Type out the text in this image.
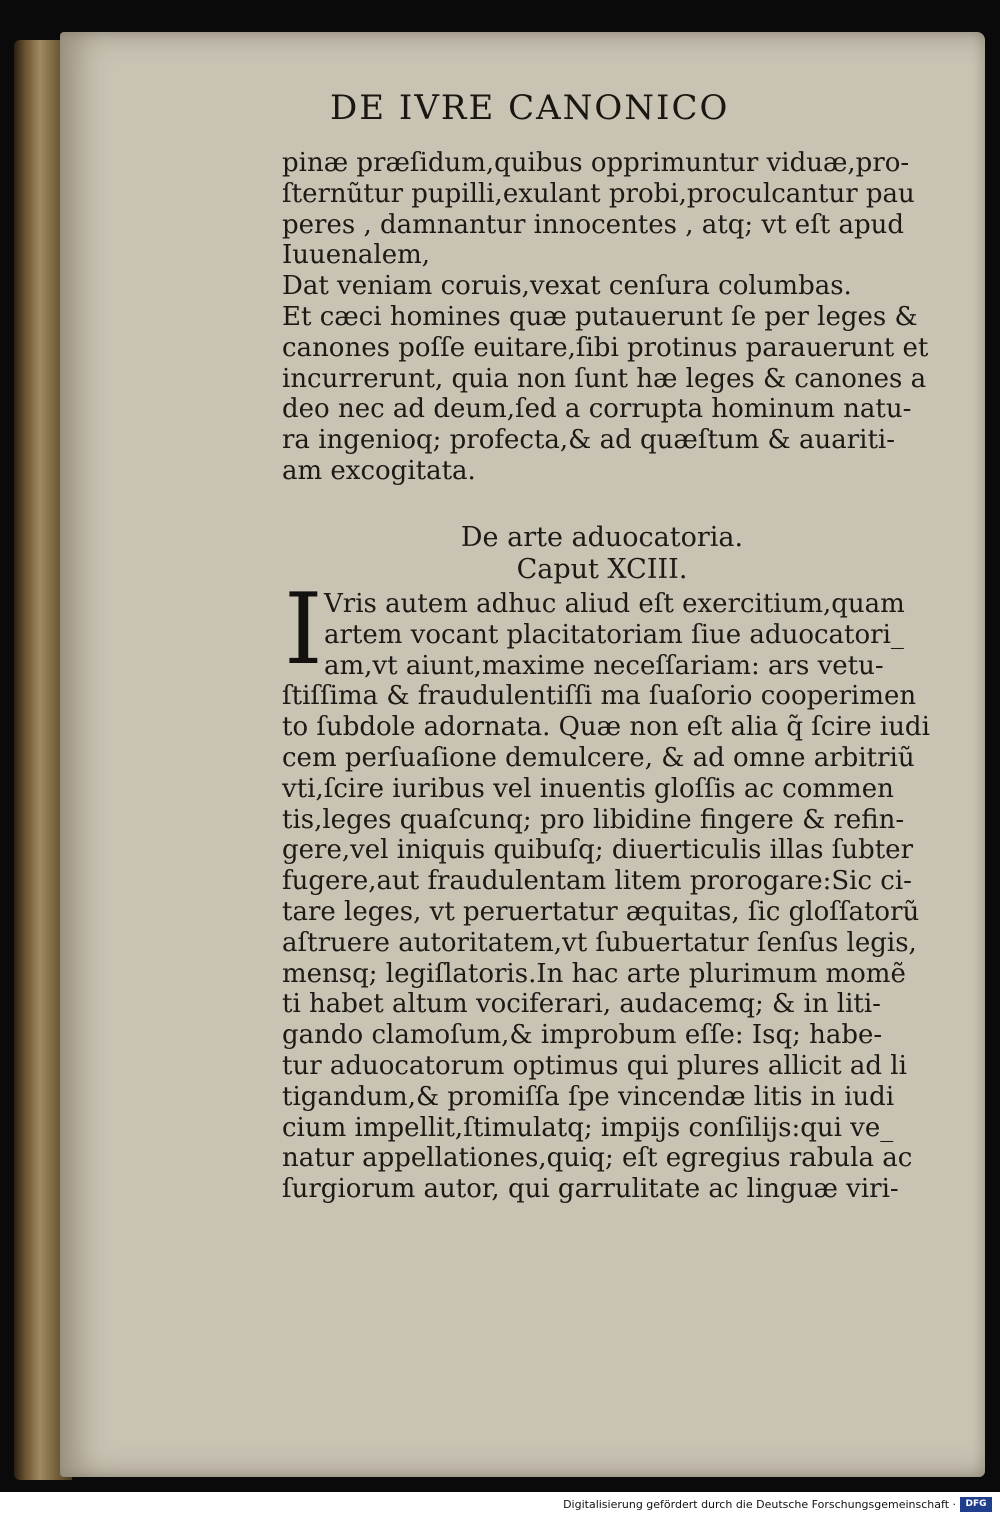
DE IVRE CANONICO
pinæ præſidum,quibus opprimuntur viduæ,pro-
ſternũtur pupilli,exulant probi,proculcantur pau
peres , damnantur innocentes , atq; vt eſt apud
Iuuenalem,
Dat veniam coruis,vexat cenſura columbas.
Et cæci homines quæ putauerunt ſe per leges &
canones poſſe euitare,ſibi protinus parauerunt et
incurrerunt, quia non ſunt hæ leges & canones a
deo nec ad deum,ſed a corrupta hominum natu-
ra ingenioq; profecta,& ad quæſtum & auariti-
am excogitata.
De arte aduocatoria.
Caput XCIII.
I Vris autem adhuc aliud eſt exercitium,quam
artem vocant placitatoriam ſiue aduocatori_
am,vt aiunt,maxime neceſſariam: ars vetu-
ſtiſſima & fraudulentiſſi ma ſuaſorio cooperimen
to ſubdole adornata. Quæ non eſt alia q̃ ſcire iudi
cem perſuaſione demulcere, & ad omne arbitriũ
vti,ſcire iuribus vel inuentis gloſſis ac commen
tis,leges quaſcunq; pro libidine fingere & refin-
gere,vel iniquis quibuſq; diuerticulis illas ſubter
fugere,aut fraudulentam litem prorogare:Sic ci-
tare leges, vt peruertatur æquitas, ſic gloſſatorũ
aſtruere autoritatem,vt ſubuertatur ſenſus legis,
mensq; legiſlatoris.In hac arte plurimum momẽ
ti habet altum vociferari, audacemq; & in liti-
gando clamoſum,& improbum eſſe: Isq; habe-
tur aduocatorum optimus qui plures allicit ad li
tigandum,& promiſſa ſpe vincendæ litis in iudi
cium impellit,ſtimulatq; impijs conſilijs:qui ve_
natur appellationes,quiq; eſt egregius rabula ac
ſurgiorum autor, qui garrulitate ac linguæ viri-
Digitalisierung gefördert durch die Deutsche Forschungsgemeinschaft ·	DFG
